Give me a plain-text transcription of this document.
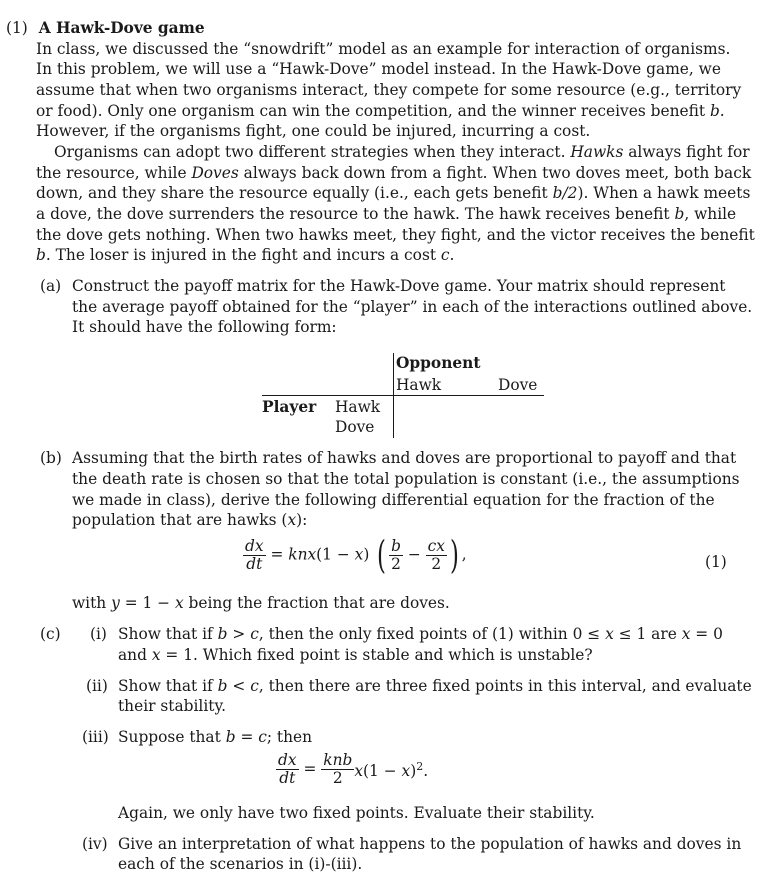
(1) A Hawk-Dove game
In class, we discussed the “snowdrift” model as an example for interaction of organisms.
In this problem, we will use a “Hawk-Dove” model instead. In the Hawk-Dove game, we
assume that when two organisms interact, they compete for some resource (e.g., territory
or food). Only one organism can win the competition, and the winner receives benefit b.
However, if the organisms fight, one could be injured, incurring a cost.
Organisms can adopt two different strategies when they interact. Hawks always fight for
the resource, while Doves always back down from a fight. When two doves meet, both back
down, and they share the resource equally (i.e., each gets benefit b/2). When a hawk meets
a dove, the dove surrenders the resource to the hawk. The hawk receives benefit b, while
the dove gets nothing. When two hawks meet, they fight, and the victor receives the benefit
b. The loser is injured in the fight and incurs a cost c.
(a) Construct the payoff matrix for the Hawk-Dove game. Your matrix should represent
the average payoff obtained for the “player” in each of the interactions outlined above.
It should have the following form:
Opponent
Hawk	Dove
Player Hawk
Dove
(b) Assuming that the birth rates of hawks and doves are proportional to payoff and that
the death rate is chosen so that the total population is constant (i.e., the assumptions
we made in class), derive the following differential equation for the fraction of the
population that are hawks (x):
$\frac{dx}{dt} = knx(1 - x)$ ( $\frac{b}{2} - \frac{cx}{2}$ ) ,	(1)
with y = 1 − x being the fraction that are doves.
(c) (i) Show that if b > c, then the only fixed points of (1) within 0 ≤ x ≤ 1 are x = 0
and x = 1. Which fixed point is stable and which is unstable?
(ii) Show that if b < c, then there are three fixed points in this interval, and evaluate
their stability.
(iii) Suppose that b = c; then
$\frac{dx}{dt} = \frac{\text{knb}}{2} x(1 - x)^2$.
Again, we only have two fixed points. Evaluate their stability.
(iv) Give an interpretation of what happens to the population of hawks and doves in
each of the scenarios in (i)-(iii).
